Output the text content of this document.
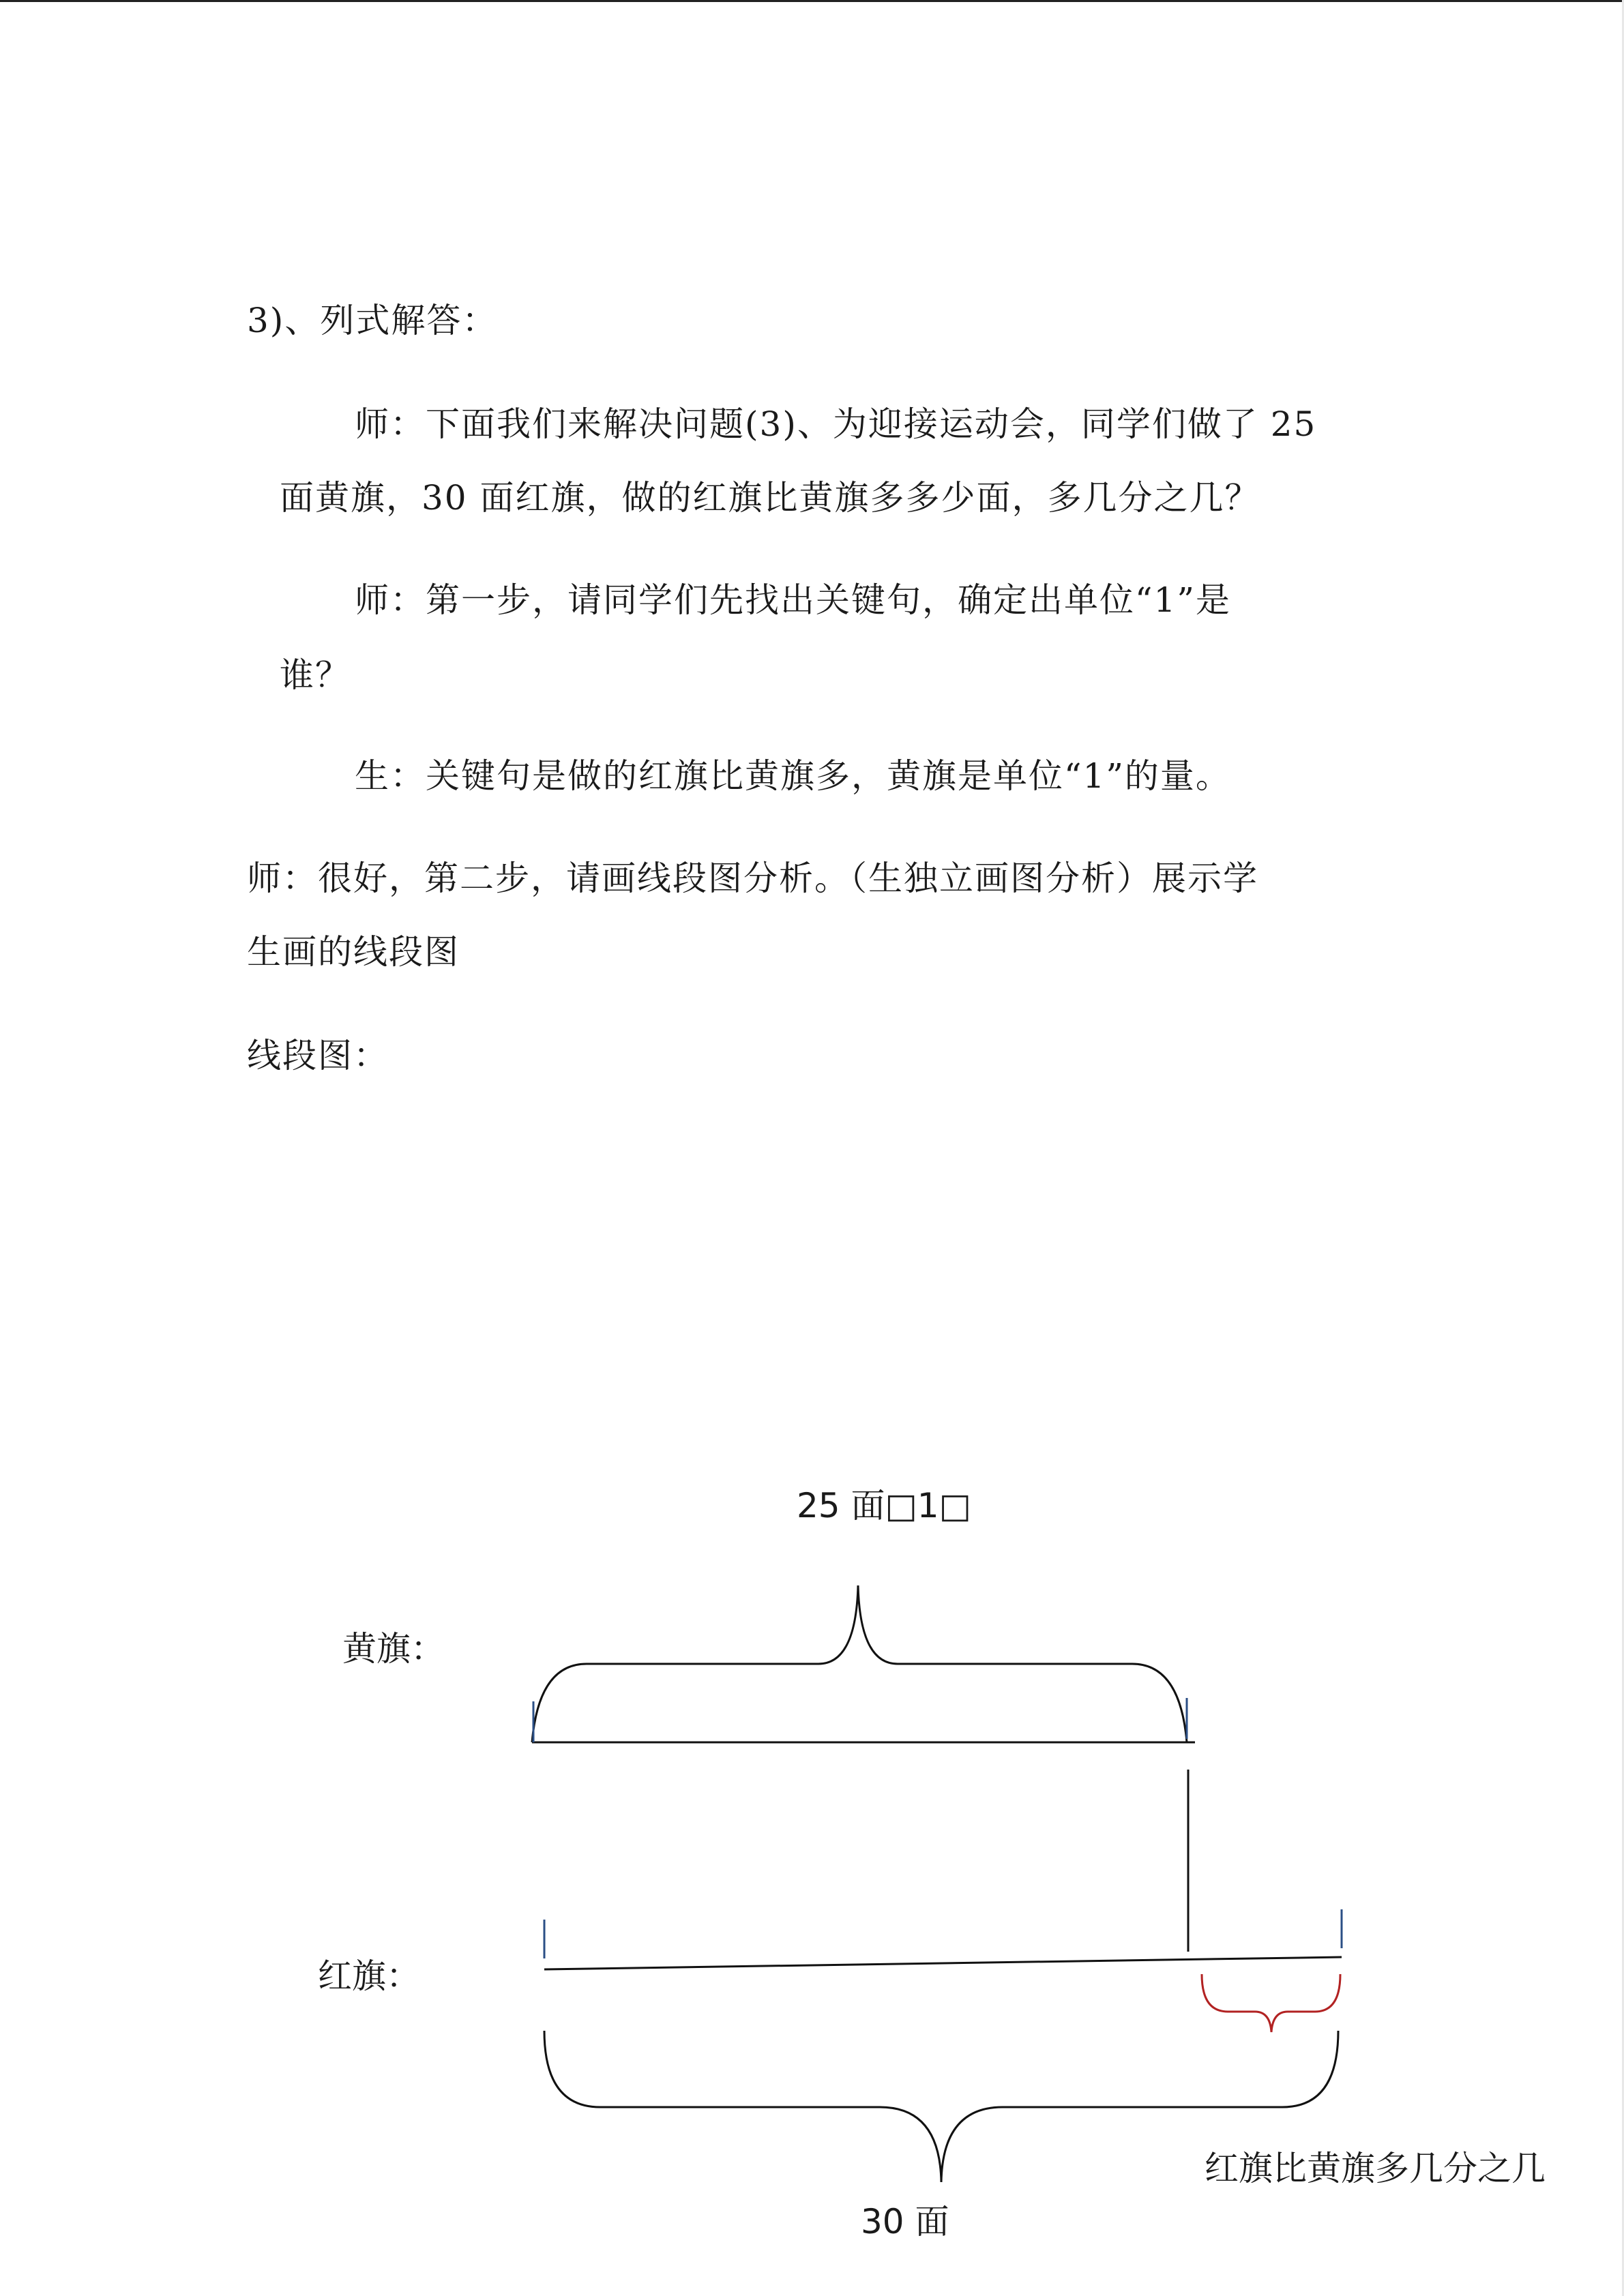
3)、列式解答：
师：下面我们来解决问题(3)、为迎接运动会，同学们做了 25
面黄旗，30 面红旗，做的红旗比黄旗多多少面，多几分之几？
师：第一步，请同学们先找出关键句，确定出单位“1”是
谁？
生：关键句是做的红旗比黄旗多，黄旗是单位“1”的量。
师：很好，第二步，请画线段图分析。（生独立画图分析）展示学
生画的线段图
线段图：
25 面□1□
黄旗：
红旗：
30 面
红旗比黄旗多几分之几
